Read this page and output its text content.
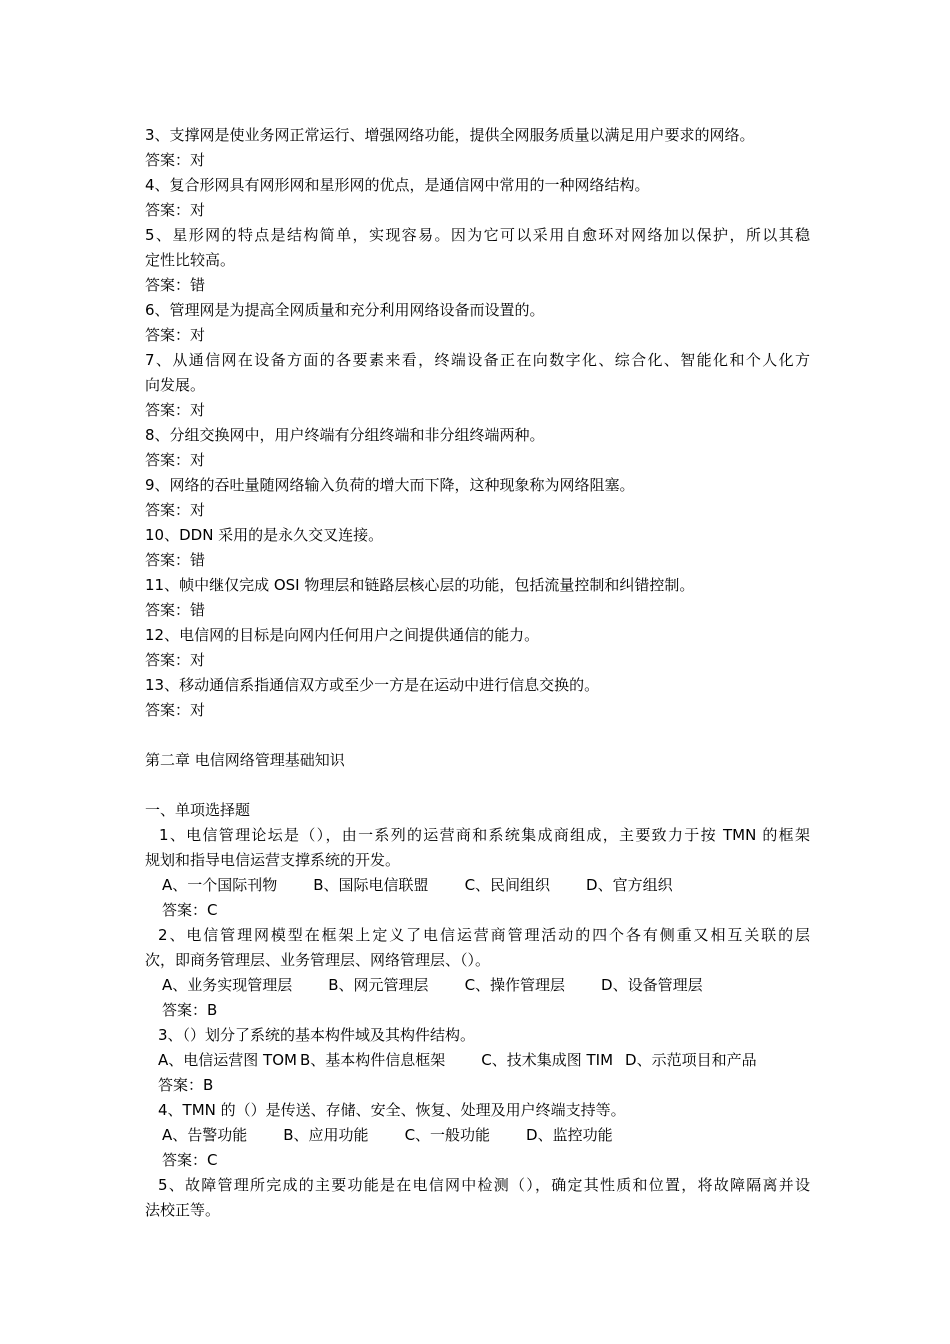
3、支撑网是使业务网正常运行、增强网络功能，提供全网服务质量以满足用户要求的网络。
答案：对
4、复合形网具有网形网和星形网的优点，是通信网中常用的一种网络结构。
答案：对
5、星形网的特点是结构简单，实现容易。因为它可以采用自愈环对网络加以保护，所以其稳
定性比较高。
答案：错
6、管理网是为提高全网质量和充分利用网络设备而设置的。
答案：对
7、从通信网在设备方面的各要素来看，终端设备正在向数字化、综合化、智能化和个人化方
向发展。
答案：对
8、分组交换网中，用户终端有分组终端和非分组终端两种。
答案：对
9、网络的吞吐量随网络输入负荷的增大而下降，这种现象称为网络阻塞。
答案：对
10、DDN 采用的是永久交叉连接。
答案：错
11、帧中继仅完成 OSI 物理层和链路层核心层的功能，包括流量控制和纠错控制。
答案：错
12、电信网的目标是向网内任何用户之间提供通信的能力。
答案：对
13、移动通信系指通信双方或至少一方是在运动中进行信息交换的。
答案：对
第二章 电信网络管理基础知识
一、单项选择题
1、电信管理论坛是（），由一系列的运营商和系统集成商组成，主要致力于按 TMN 的框架
规划和指导电信运营支撑系统的开发。
A、一个国际刊物 B、国际电信联盟 C、民间组织 D、官方组织
答案：C
2、电信管理网模型在框架上定义了电信运营商管理活动的四个各有侧重又相互关联的层
次，即商务管理层、业务管理层、网络管理层、（）。
A、业务实现管理层 B、网元管理层 C、操作管理层 D、设备管理层
答案：B
3、（）划分了系统的基本构件域及其构件结构。
A、电信运营图 TOM B、基本构件信息框架 C、技术集成图 TIM D、示范项目和产品
答案：B
4、TMN 的（）是传送、存储、安全、恢复、处理及用户终端支持等。
A、告警功能 B、应用功能 C、一般功能 D、监控功能
答案：C
5、故障管理所完成的主要功能是在电信网中检测（），确定其性质和位置，将故障隔离并设
法校正等。
